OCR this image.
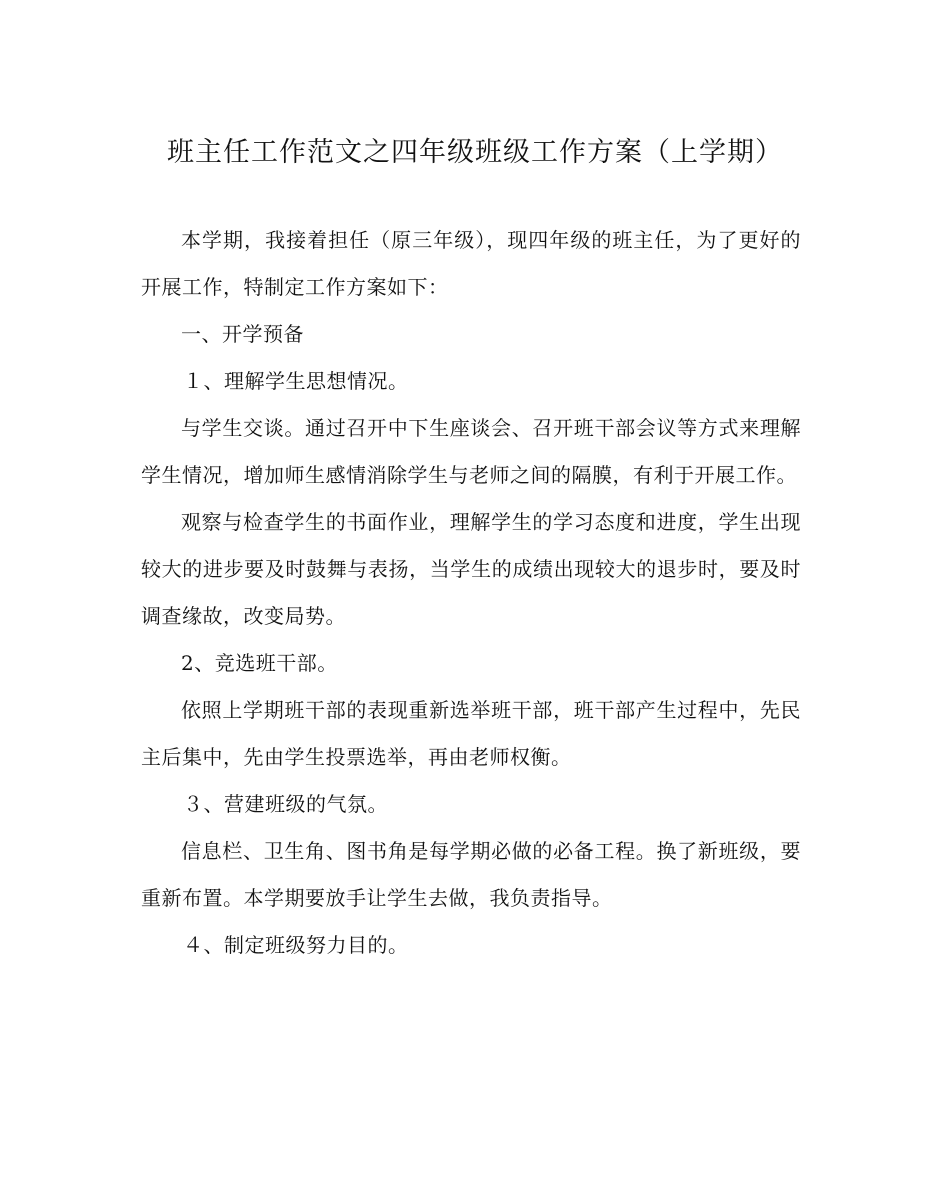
班主任工作范文之四年级班级工作方案（上学期）

本学期，我接着担任（原三年级），现四年级的班主任，为了更好的开展工作，特制定工作方案如下：

一、开学预备

１、理解学生思想情况。

与学生交谈。通过召开中下生座谈会、召开班干部会议等方式来理解学生情况，增加师生感情消除学生与老师之间的隔膜，有利于开展工作。

观察与检查学生的书面作业，理解学生的学习态度和进度，学生出现较大的进步要及时鼓舞与表扬，当学生的成绩出现较大的退步时，要及时调查缘故，改变局势。

2、竞选班干部。

依照上学期班干部的表现重新选举班干部，班干部产生过程中，先民主后集中，先由学生投票选举，再由老师权衡。

３、营建班级的气氛。

信息栏、卫生角、图书角是每学期必做的必备工程。换了新班级，要重新布置。本学期要放手让学生去做，我负责指导。

４、制定班级努力目的。
